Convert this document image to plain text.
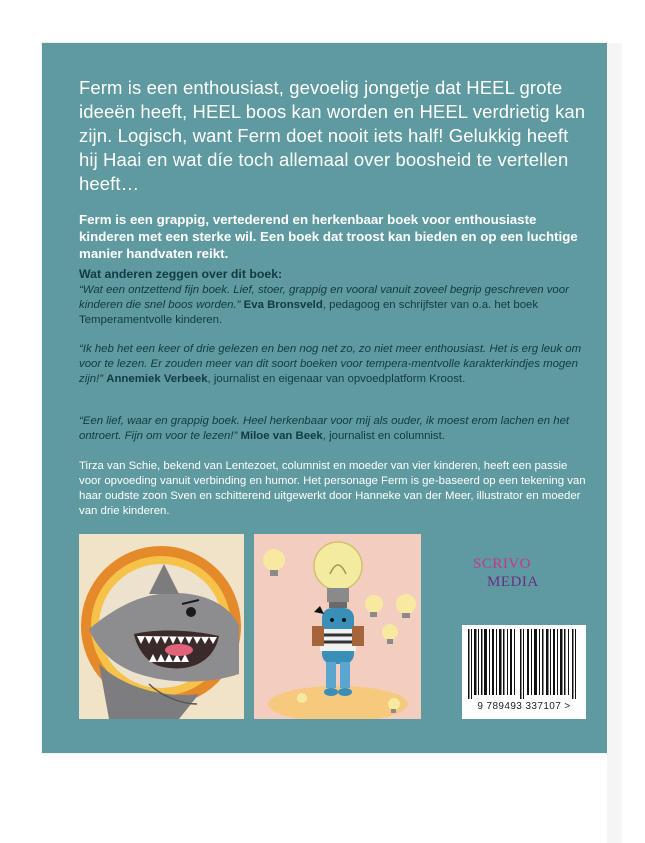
Ferm is een enthousiast, gevoelig jongetje dat HEEL grote ideeën heeft, HEEL boos kan worden en HEEL verdrietig kan zijn. Logisch, want Ferm doet nooit iets half! Gelukkig heeft hij Haai en wat díe toch allemaal over boosheid te vertellen heeft…

Ferm is een grappig, vertederend en herkenbaar boek voor enthousiaste kinderen met een sterke wil. Een boek dat troost kan bieden en op een luchtige manier handvaten reikt.

Wat anderen zeggen over dit boek:

“Wat een ontzettend fijn boek. Lief, stoer, grappig en vooral vanuit zoveel begrip geschreven voor kinderen die snel boos worden.” Eva Bronsveld, pedagoog en schrijfster van o.a. het boek Temperamentvolle kinderen.

“Ik heb het een keer of drie gelezen en ben nog net zo, zo niet meer enthousiast. Het is erg leuk om voor te lezen. Er zouden meer van dit soort boeken voor tempera-mentvolle karakterkindjes mogen zijn!” Annemiek Verbeek, journalist en eigenaar van opvoedplatform Kroost.

“Een lief, waar en grappig boek. Heel herkenbaar voor mij als ouder, ik moest erom lachen en het ontroert. Fijn om voor te lezen!” Miloe van Beek, journalist en columnist.

Tirza van Schie, bekend van Lentezoet, columnist en moeder van vier kinderen, heeft een passie voor opvoeding vanuit verbinding en humor. Het personage Ferm is ge-baseerd op een tekening van haar oudste zoon Sven en schitterend uitgewerkt door Hanneke van der Meer, illustrator en moeder van drie kinderen.

SCRIVO
MEDIA
9 789493 337107 >
